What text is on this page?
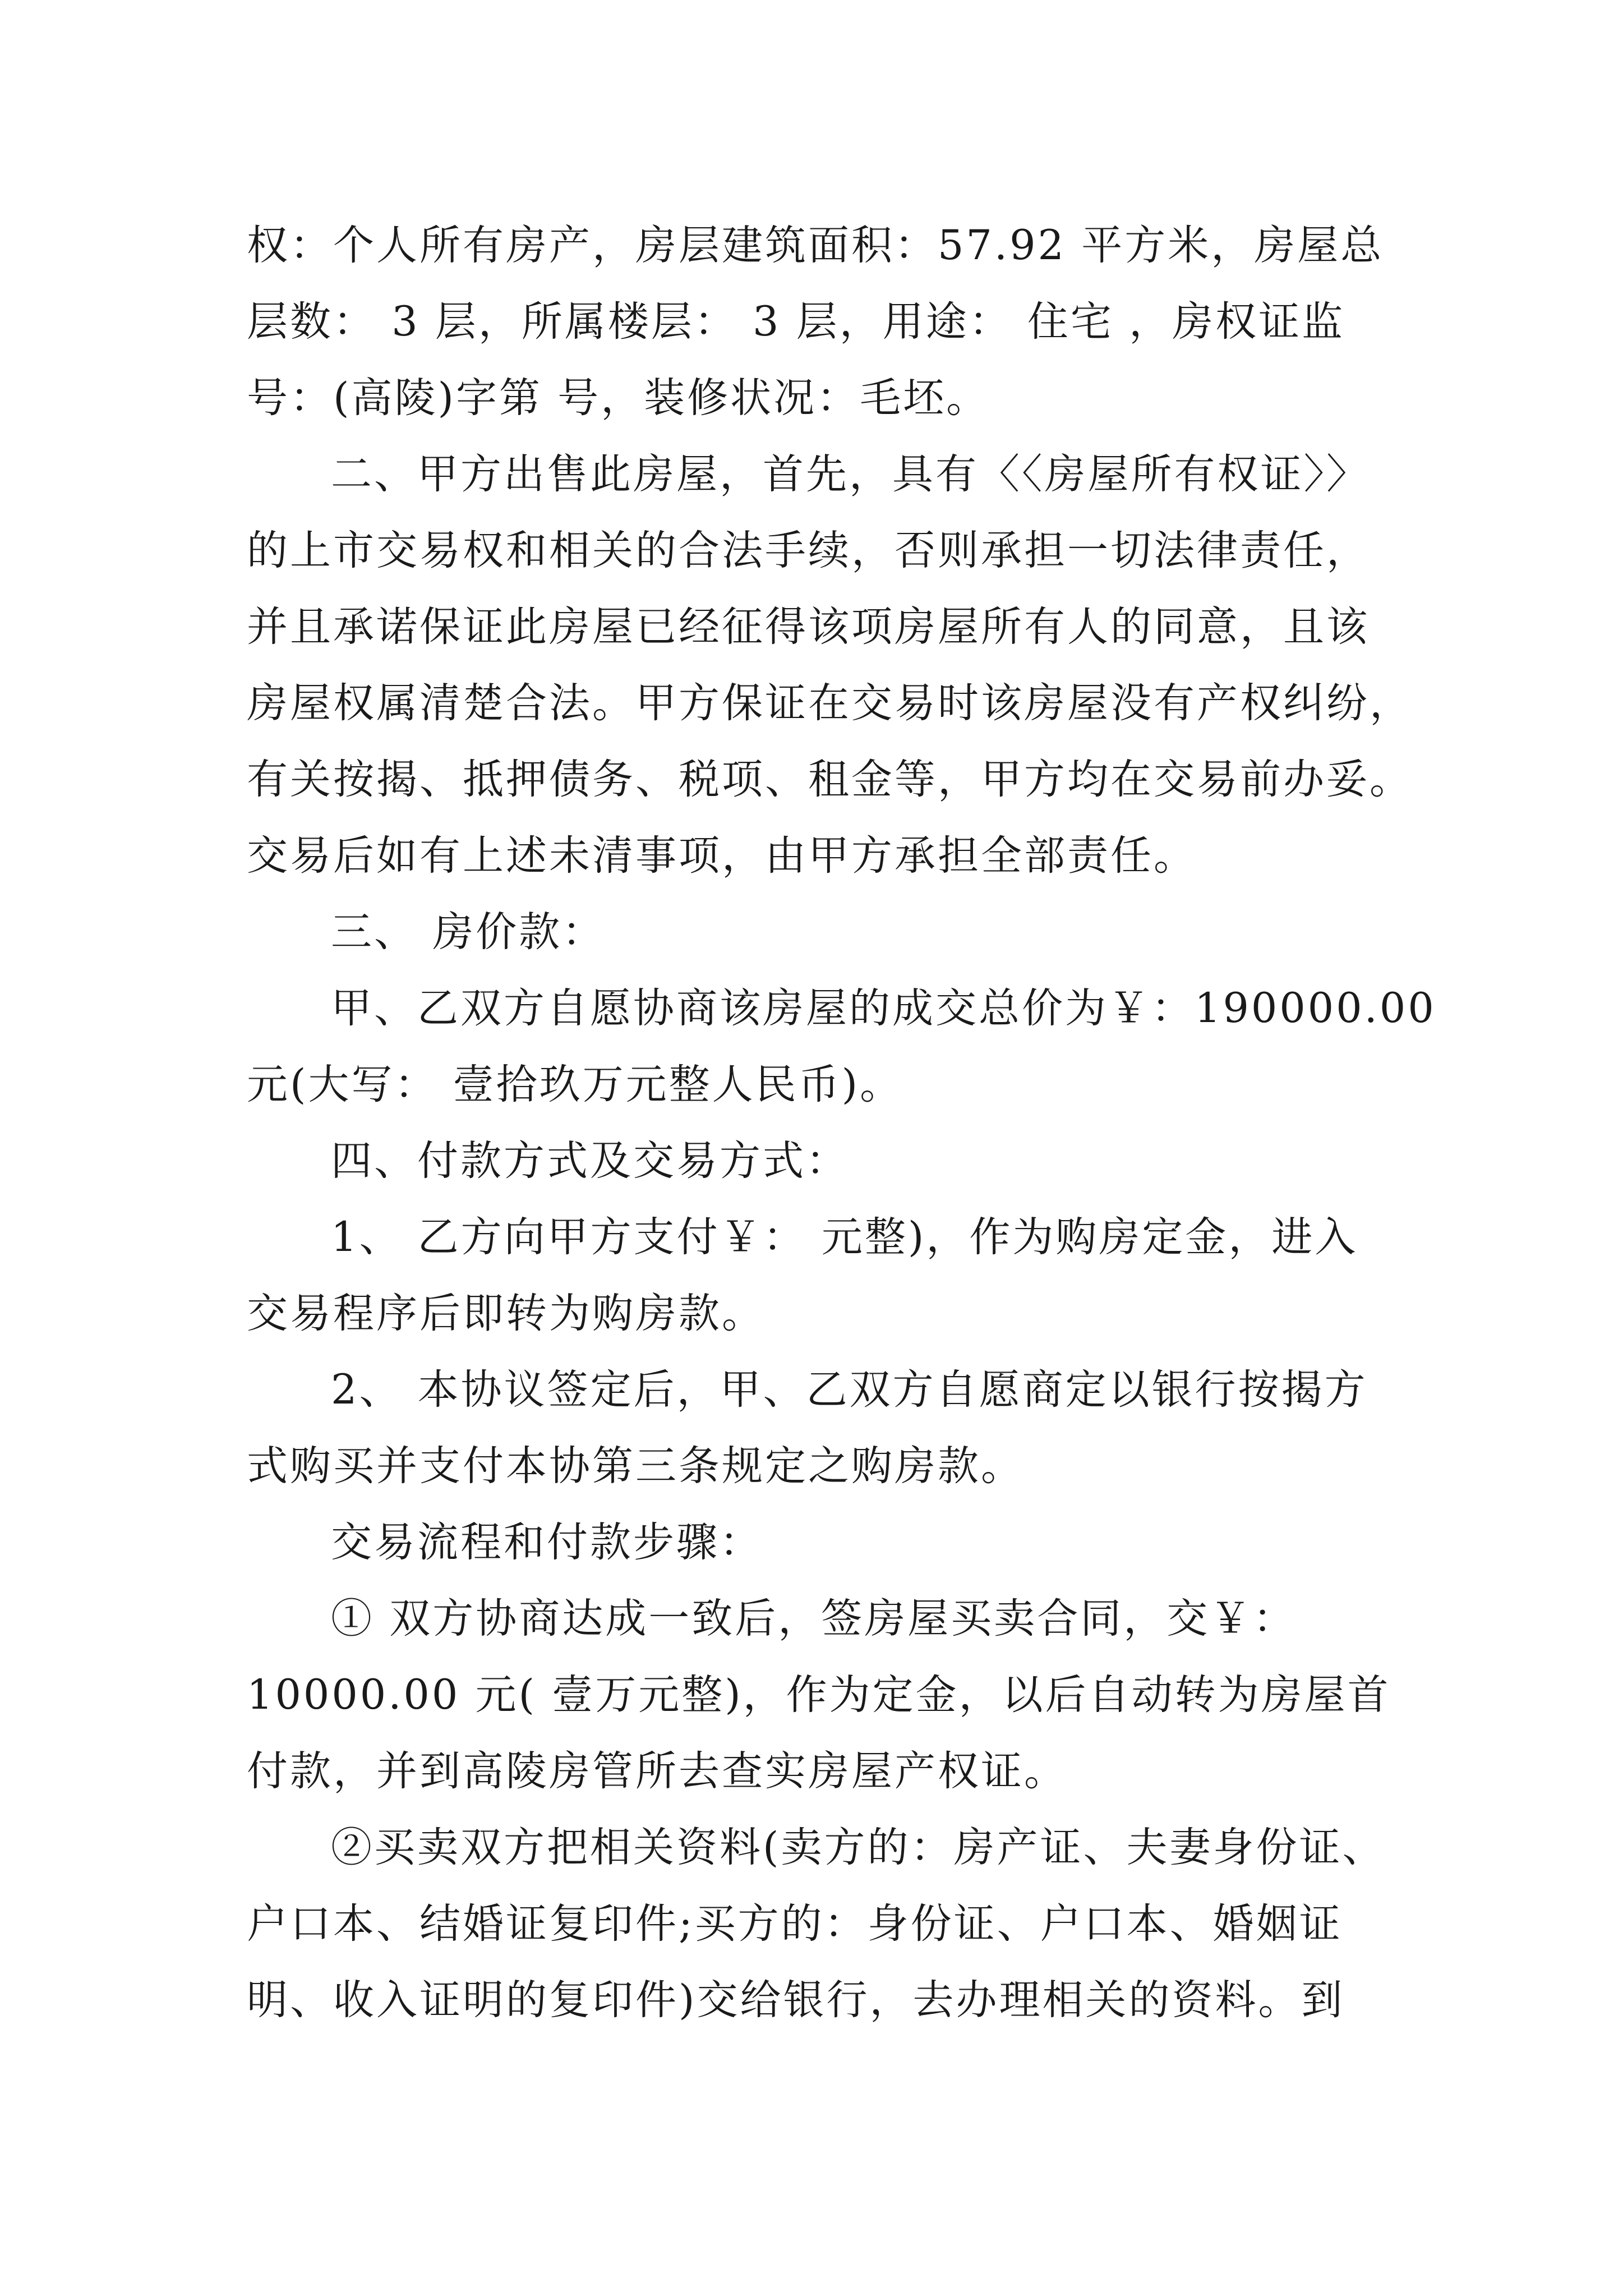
权：个人所有房产，房层建筑面积：57.92 平方米，房屋总
层数： 3 层，所属楼层： 3 层，用途： 住宅 ，房权证监
号：(高陵)字第 号，装修状况：毛坯。
二、甲方出售此房屋，首先，具有〈〈房屋所有权证〉〉
的上市交易权和相关的合法手续，否则承担一切法律责任，
并且承诺保证此房屋已经征得该项房屋所有人的同意，且该
房屋权属清楚合法。甲方保证在交易时该房屋没有产权纠纷，
有关按揭、抵押债务、税项、租金等，甲方均在交易前办妥。
交易后如有上述未清事项，由甲方承担全部责任。
三、 房价款：
甲、乙双方自愿协商该房屋的成交总价为￥：190000.00
元(大写： 壹拾玖万元整人民币)。
四、付款方式及交易方式：
1、 乙方向甲方支付￥： 元整)，作为购房定金，进入
交易程序后即转为购房款。
2、 本协议签定后，甲、乙双方自愿商定以银行按揭方
式购买并支付本协第三条规定之购房款。
交易流程和付款步骤：
① 双方协商达成一致后，签房屋买卖合同，交￥：
10000.00 元( 壹万元整)，作为定金，以后自动转为房屋首
付款，并到高陵房管所去查实房屋产权证。
②买卖双方把相关资料(卖方的：房产证、夫妻身份证、
户口本、结婚证复印件;买方的：身份证、户口本、婚姻证
明、收入证明的复印件)交给银行，去办理相关的资料。到
